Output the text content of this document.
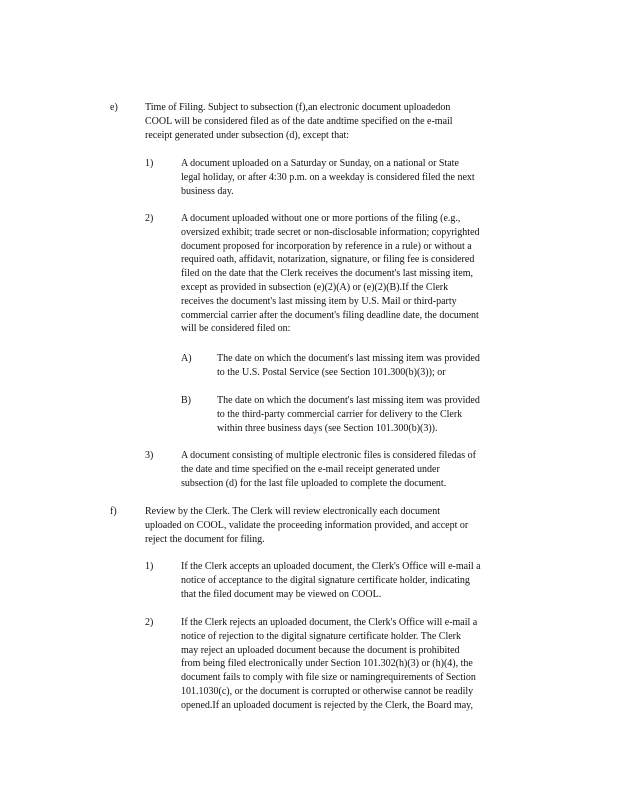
e)	Time of Filing. Subject to subsection (f),an electronic document uploadedon
COOL will be considered filed as of the date andtime specified on the e-mail
receipt generated under subsection (d), except that:
1)	A document uploaded on a Saturday or Sunday, on a national or State
legal holiday, or after 4:30 p.m. on a weekday is considered filed the next
business day.
2)	A document uploaded without one or more portions of the filing (e.g.,
oversized exhibit; trade secret or non-disclosable information; copyrighted
document proposed for incorporation by reference in a rule) or without a
required oath, affidavit, notarization, signature, or filing fee is considered
filed on the date that the Clerk receives the document's last missing item,
except as provided in subsection (e)(2)(A) or (e)(2)(B).If the Clerk
receives the document's last missing item by U.S. Mail or third-party
commercial carrier after the document's filing deadline date, the document
will be considered filed on:
A)	The date on which the document's last missing item was provided
to the U.S. Postal Service (see Section 101.300(b)(3)); or
B)	The date on which the document's last missing item was provided
to the third-party commercial carrier for delivery to the Clerk
within three business days (see Section 101.300(b)(3)).
3)	A document consisting of multiple electronic files is considered filedas of
the date and time specified on the e-mail receipt generated under
subsection (d) for the last file uploaded to complete the document.
f)	Review by the Clerk. The Clerk will review electronically each document
uploaded on COOL, validate the proceeding information provided, and accept or
reject the document for filing.
1)	If the Clerk accepts an uploaded document, the Clerk's Office will e-mail a
notice of acceptance to the digital signature certificate holder, indicating
that the filed document may be viewed on COOL.
2)	If the Clerk rejects an uploaded document, the Clerk's Office will e-mail a
notice of rejection to the digital signature certificate holder. The Clerk
may reject an uploaded document because the document is prohibited
from being filed electronically under Section 101.302(h)(3) or (h)(4), the
document fails to comply with file size or namingrequirements of Section
101.1030(c), or the document is corrupted or otherwise cannot be readily
opened.If an uploaded document is rejected by the Clerk, the Board may,
